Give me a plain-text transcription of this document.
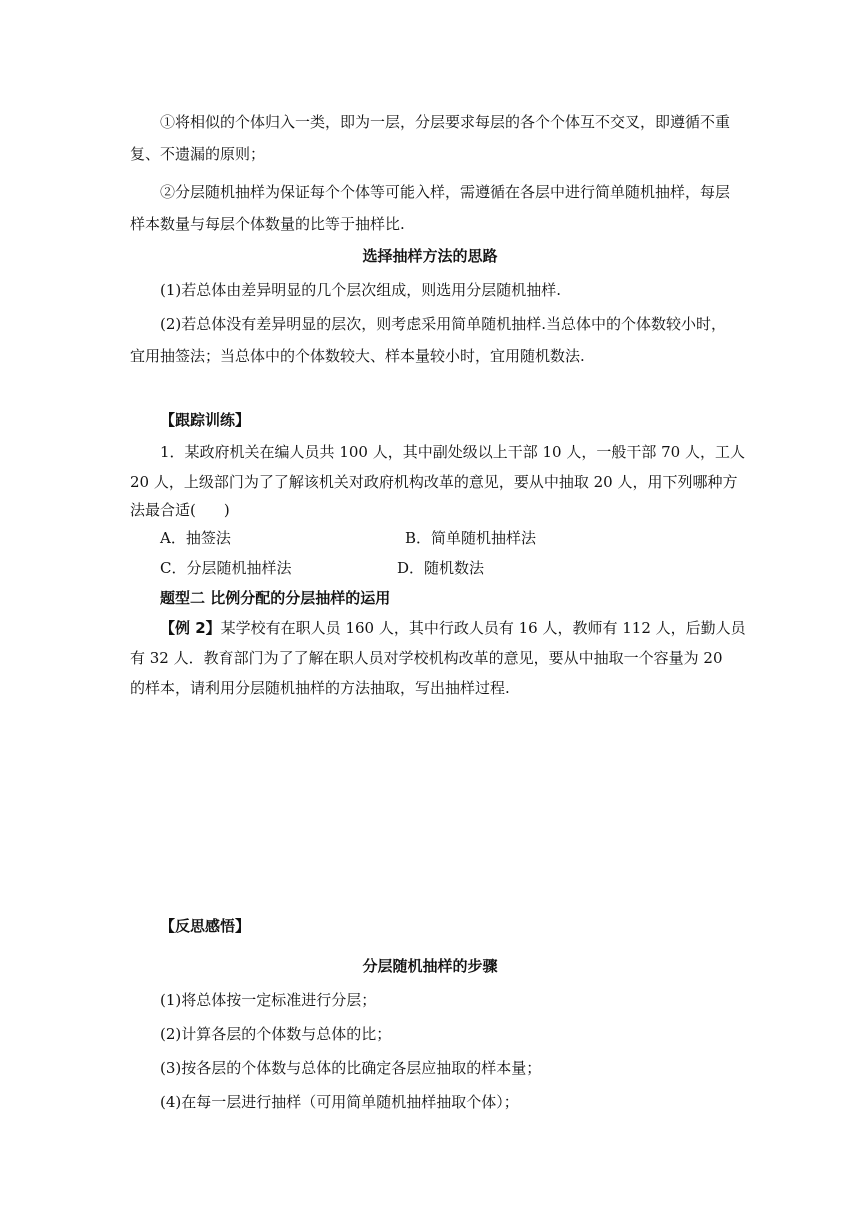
①将相似的个体归入一类，即为一层，分层要求每层的各个个体互不交叉，即遵循不重
复、不遗漏的原则；
②分层随机抽样为保证每个个体等可能入样，需遵循在各层中进行简单随机抽样，每层
样本数量与每层个体数量的比等于抽样比.
选择抽样方法的思路
(1)若总体由差异明显的几个层次组成，则选用分层随机抽样.
(2)若总体没有差异明显的层次，则考虑采用简单随机抽样.当总体中的个体数较小时，
宜用抽签法；当总体中的个体数较大、样本量较小时，宜用随机数法.
【跟踪训练】
1．某政府机关在编人员共 100 人，其中副处级以上干部 10 人，一般干部 70 人，工人
20 人，上级部门为了了解该机关对政府机构改革的意见，要从中抽取 20 人，用下列哪种方
法最合适( )
A．抽签法	B．简单随机抽样法
C．分层随机抽样法	D．随机数法
题型二 比例分配的分层抽样的运用
【例 2】某学校有在职人员 160 人，其中行政人员有 16 人，教师有 112 人，后勤人员
有 32 人．教育部门为了了解在职人员对学校机构改革的意见，要从中抽取一个容量为 20
的样本，请利用分层随机抽样的方法抽取，写出抽样过程.
【反思感悟】
分层随机抽样的步骤
(1)将总体按一定标准进行分层；
(2)计算各层的个体数与总体的比；
(3)按各层的个体数与总体的比确定各层应抽取的样本量；
(4)在每一层进行抽样（可用简单随机抽样抽取个体）；
